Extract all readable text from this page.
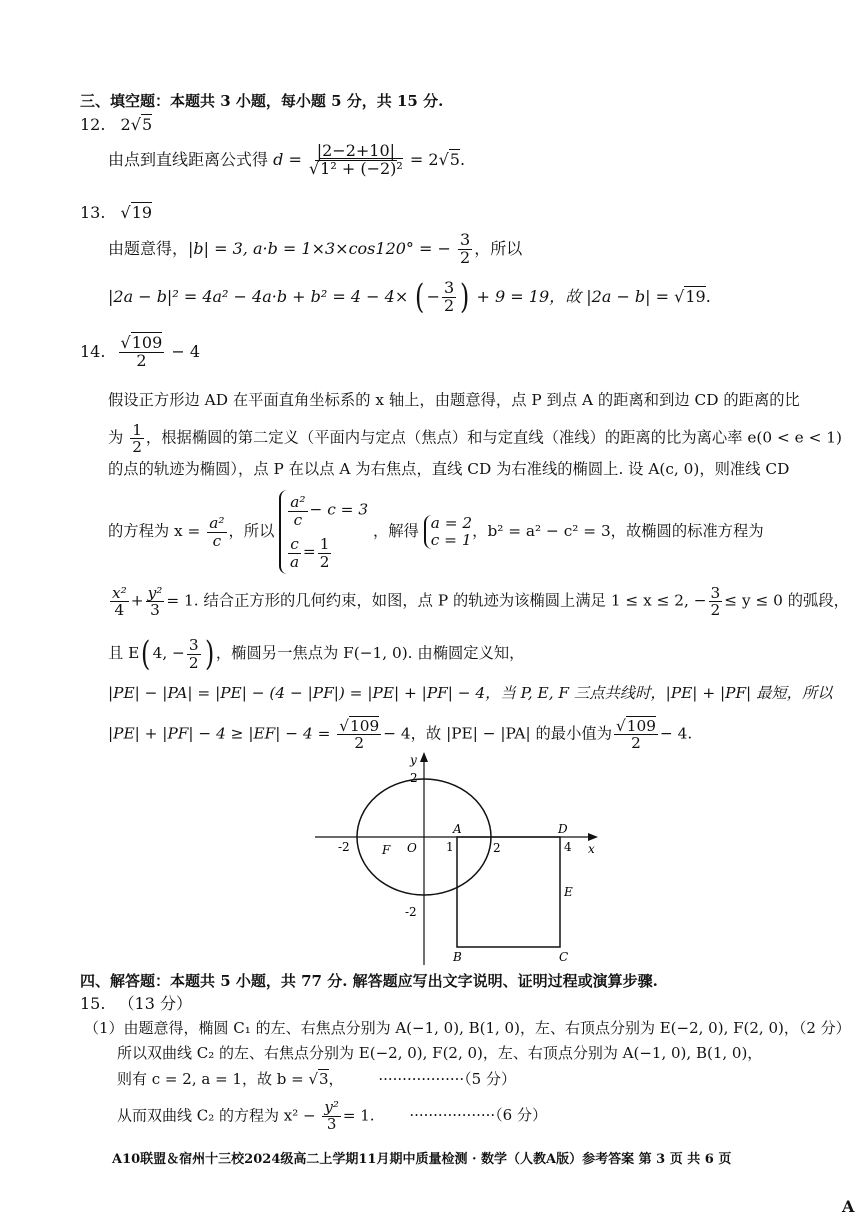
三、填空题：本题共 3 小题，每小题 5 分，共 15 分.
12. 2√5
由点到直线距离公式得 $d = \frac{|2-2+10|}{\text{√1² + (−2)²}} = 2√5$.
13. √19
由题意得，|b| = 3, a·b = 1×3×cos120° = − $\frac{3}{2}$ ，所以
|2a − b|² = 4a² − 4a·b + b² = 4 − 4× ( − $\frac{3}{2}$ ) + 9 = 19，故 |2a − b| = √19.
14. $\frac{√109}{2} - 4$
假设正方形边 AD 在平面直角坐标系的 x 轴上，由题意得，点 P 到点 A 的距离和到边 CD 的距离的比
为 $\frac{1}{2}$ ，根据椭圆的第二定义（平面内与定点（焦点）和与定直线（准线）的距离的比为离心率 e(0 < e < 1)
的点的轨迹为椭圆），点 P 在以点 A 为右焦点，直线 CD 为右准线的椭圆上. 设 A(c, 0)，则准线 CD
的方程为 $x = \frac{\text{a²}}{c}$ ，所以
$\frac{\text{a²}}{c} - c = 3$
$\frac{c}{a} = \frac{1}{2}$
，解得 a = 2
c = 1 ，b² = a² − c² = 3，故椭圆的标准方程为
$\frac{\text{x²}}{4} + \frac{\text{y²}}{3} = 1$. 结合正方形的几何约束，如图，点 P 的轨迹为该椭圆上满足 1 ≤ x ≤ 2, − $\frac{3}{2} \le y \le 0$ 的弧段，
且 E( 4, − $\frac{3}{2}$ ) ，椭圆另一焦点为 F(−1, 0). 由椭圆定义知，
|PE| − |PA| = |PE| − (4 − |PF|) = |PE| + |PF| − 4，当 P, E, F 三点共线时，|PE| + |PF| 最短，所以
$|PE| + |PF| - 4 \ge |EF| - 4 = \frac{√109}{2} - 4$，故 |PE| − |PA| 的最小值为 $\frac{√109}{2} - 4$.
y
2
-2
x
-2	O
F
A
1	2
D
4
E
B	C
四、解答题：本题共 5 小题，共 77 分. 解答题应写出文字说明、证明过程或演算步骤.
15. （13 分）
（1）由题意得，椭圆 C₁ 的左、右焦点分别为 A(−1, 0), B(1, 0)，左、右顶点分别为 E(−2, 0), F(2, 0)，（2 分）
所以双曲线 C₂ 的左、右焦点分别为 E(−2, 0), F(2, 0)，左、右顶点分别为 A(−1, 0), B(1, 0)，
则有 c = 2, a = 1，故 b = √3， ··················（5 分）
从而双曲线 C₂ 的方程为 $x^2 - \frac{\text{y²}}{3} = 1$. ··················（6 分）
A10联盟＆宿州十三校2024级高二上学期11月期中质量检测 · 数学（人教A版）参考答案 第 3 页 共 6 页
A
